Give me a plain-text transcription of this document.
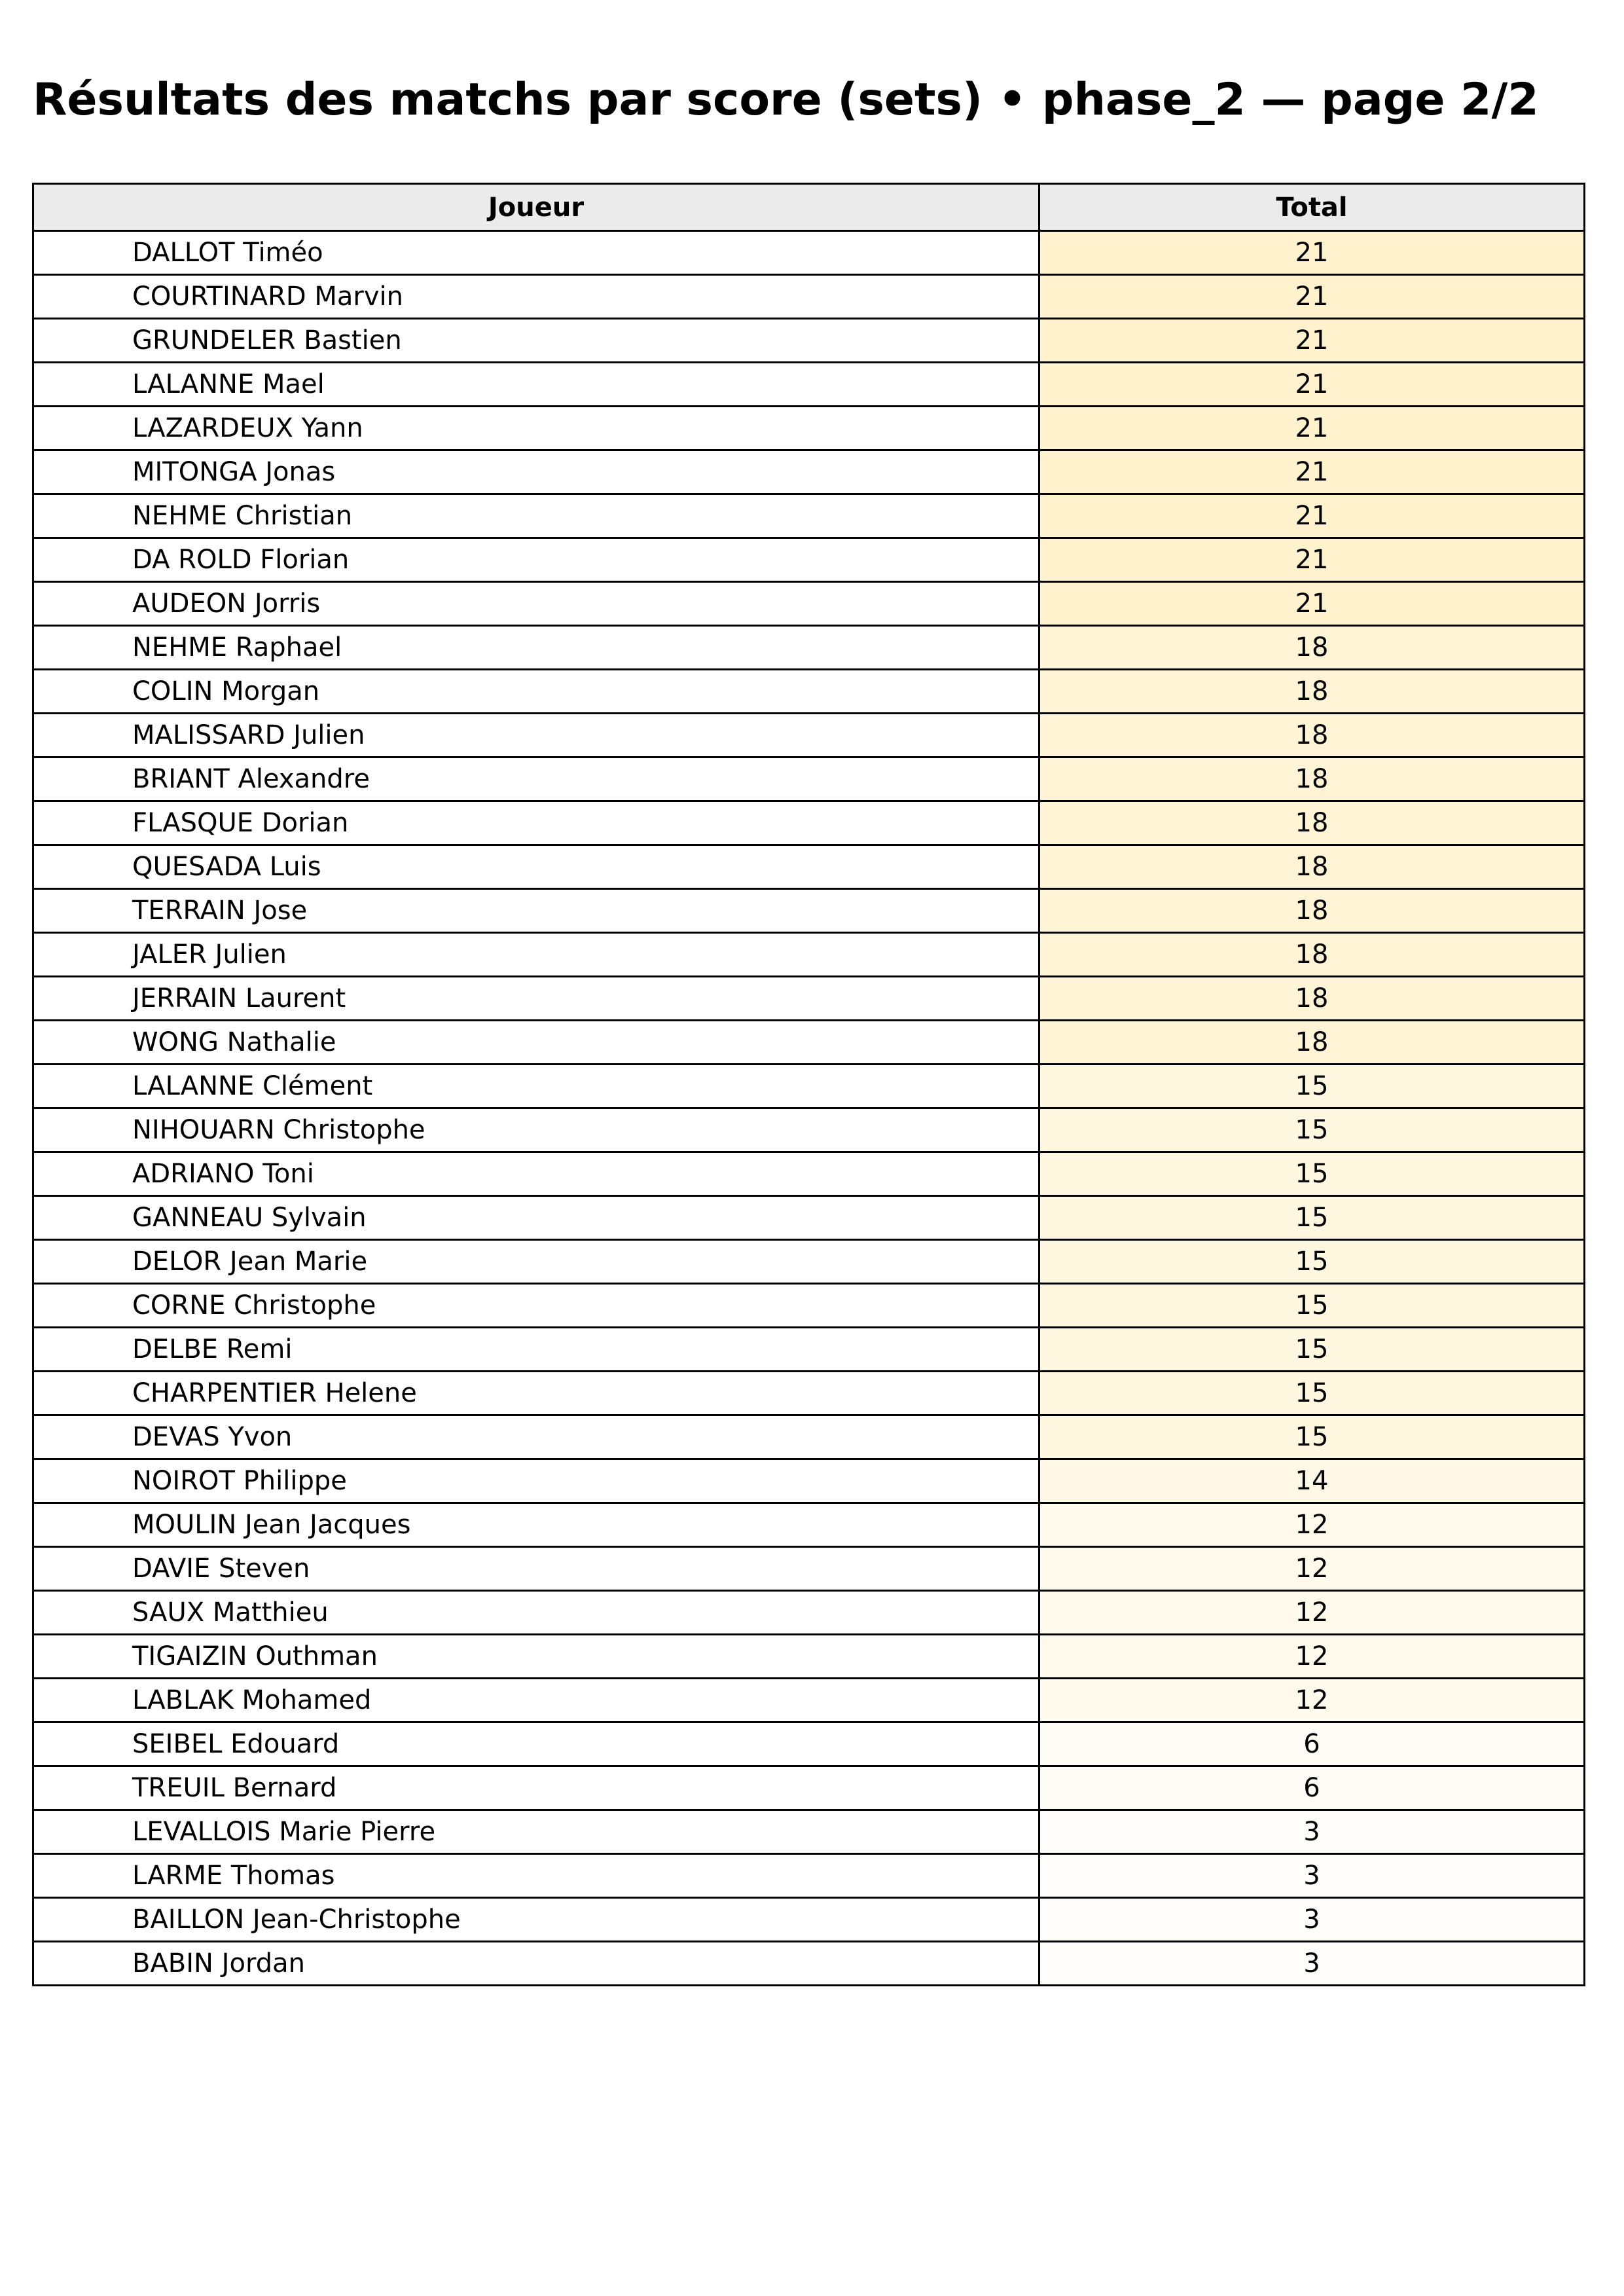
Résultats des matchs par score (sets) • phase_2 — page 2/2
Joueur	Total
DALLOT Timéo	21
COURTINARD Marvin	21
GRUNDELER Bastien	21
LALANNE Mael	21
LAZARDEUX Yann	21
MITONGA Jonas	21
NEHME Christian	21
DA ROLD Florian	21
AUDEON Jorris	21
NEHME Raphael	18
COLIN Morgan	18
MALISSARD Julien	18
BRIANT Alexandre	18
FLASQUE Dorian	18
QUESADA Luis	18
TERRAIN Jose	18
JALER Julien	18
JERRAIN Laurent	18
WONG Nathalie	18
LALANNE Clément	15
NIHOUARN Christophe	15
ADRIANO Toni	15
GANNEAU Sylvain	15
DELOR Jean Marie	15
CORNE Christophe	15
DELBE Remi	15
CHARPENTIER Helene	15
DEVAS Yvon	15
NOIROT Philippe	14
MOULIN Jean Jacques	12
DAVIE Steven	12
SAUX Matthieu	12
TIGAIZIN Outhman	12
LABLAK Mohamed	12
SEIBEL Edouard	6
TREUIL Bernard	6
LEVALLOIS Marie Pierre	3
LARME Thomas	3
BAILLON Jean-Christophe	3
BABIN Jordan	3
